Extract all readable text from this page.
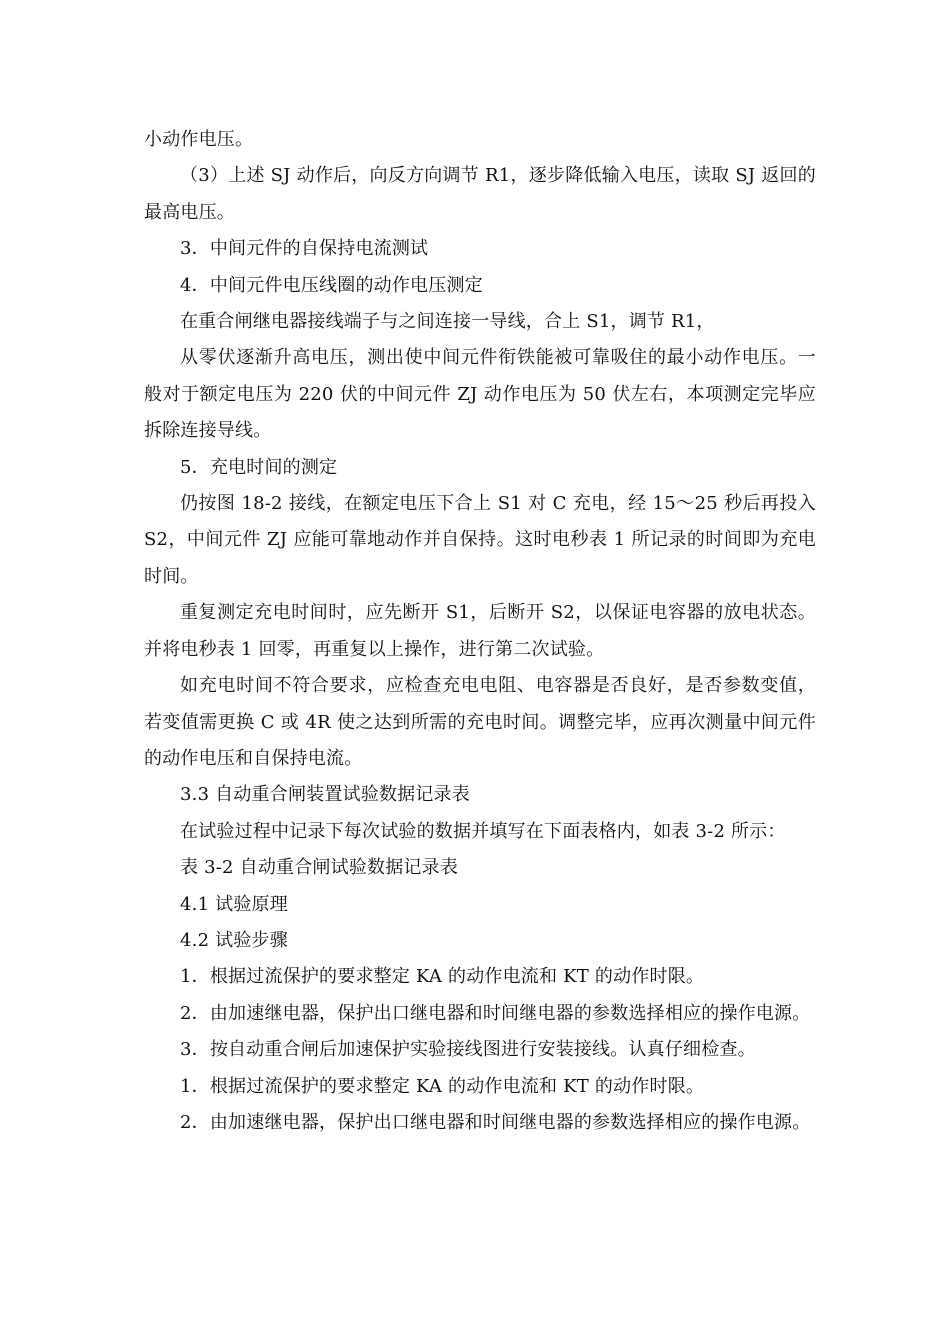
小动作电压。

（3）上述 SJ 动作后，向反方向调节 R1，逐步降低输入电压，读取 SJ 返回的最高电压。

3．中间元件的自保持电流测试

4．中间元件电压线圈的动作电压测定

在重合闸继电器接线端子与之间连接一导线，合上 S1，调节 R1，

从零伏逐渐升高电压，测出使中间元件衔铁能被可靠吸住的最小动作电压。一般对于额定电压为 220 伏的中间元件 ZJ 动作电压为 50 伏左右，本项测定完毕应拆除连接导线。

5．充电时间的测定

仍按图 18-2 接线，在额定电压下合上 S1 对 C 充电，经 15～25 秒后再投入 S2，中间元件 ZJ 应能可靠地动作并自保持。这时电秒表 1 所记录的时间即为充电时间。

重复测定充电时间时，应先断开 S1，后断开 S2，以保证电容器的放电状态。并将电秒表 1 回零，再重复以上操作，进行第二次试验。

如充电时间不符合要求，应检查充电电阻、电容器是否良好，是否参数变值，若变值需更换 C 或 4R 使之达到所需的充电时间。调整完毕，应再次测量中间元件的动作电压和自保持电流。

3.3 自动重合闸装置试验数据记录表

在试验过程中记录下每次试验的数据并填写在下面表格内，如表 3-2 所示：

表 3-2 自动重合闸试验数据记录表

4.1 试验原理

4.2 试验步骤

1．根据过流保护的要求整定 KA 的动作电流和 KT 的动作时限。

2．由加速继电器，保护出口继电器和时间继电器的参数选择相应的操作电源。

3．按自动重合闸后加速保护实验接线图进行安装接线。认真仔细检查。

1．根据过流保护的要求整定 KA 的动作电流和 KT 的动作时限。

2．由加速继电器，保护出口继电器和时间继电器的参数选择相应的操作电源。
